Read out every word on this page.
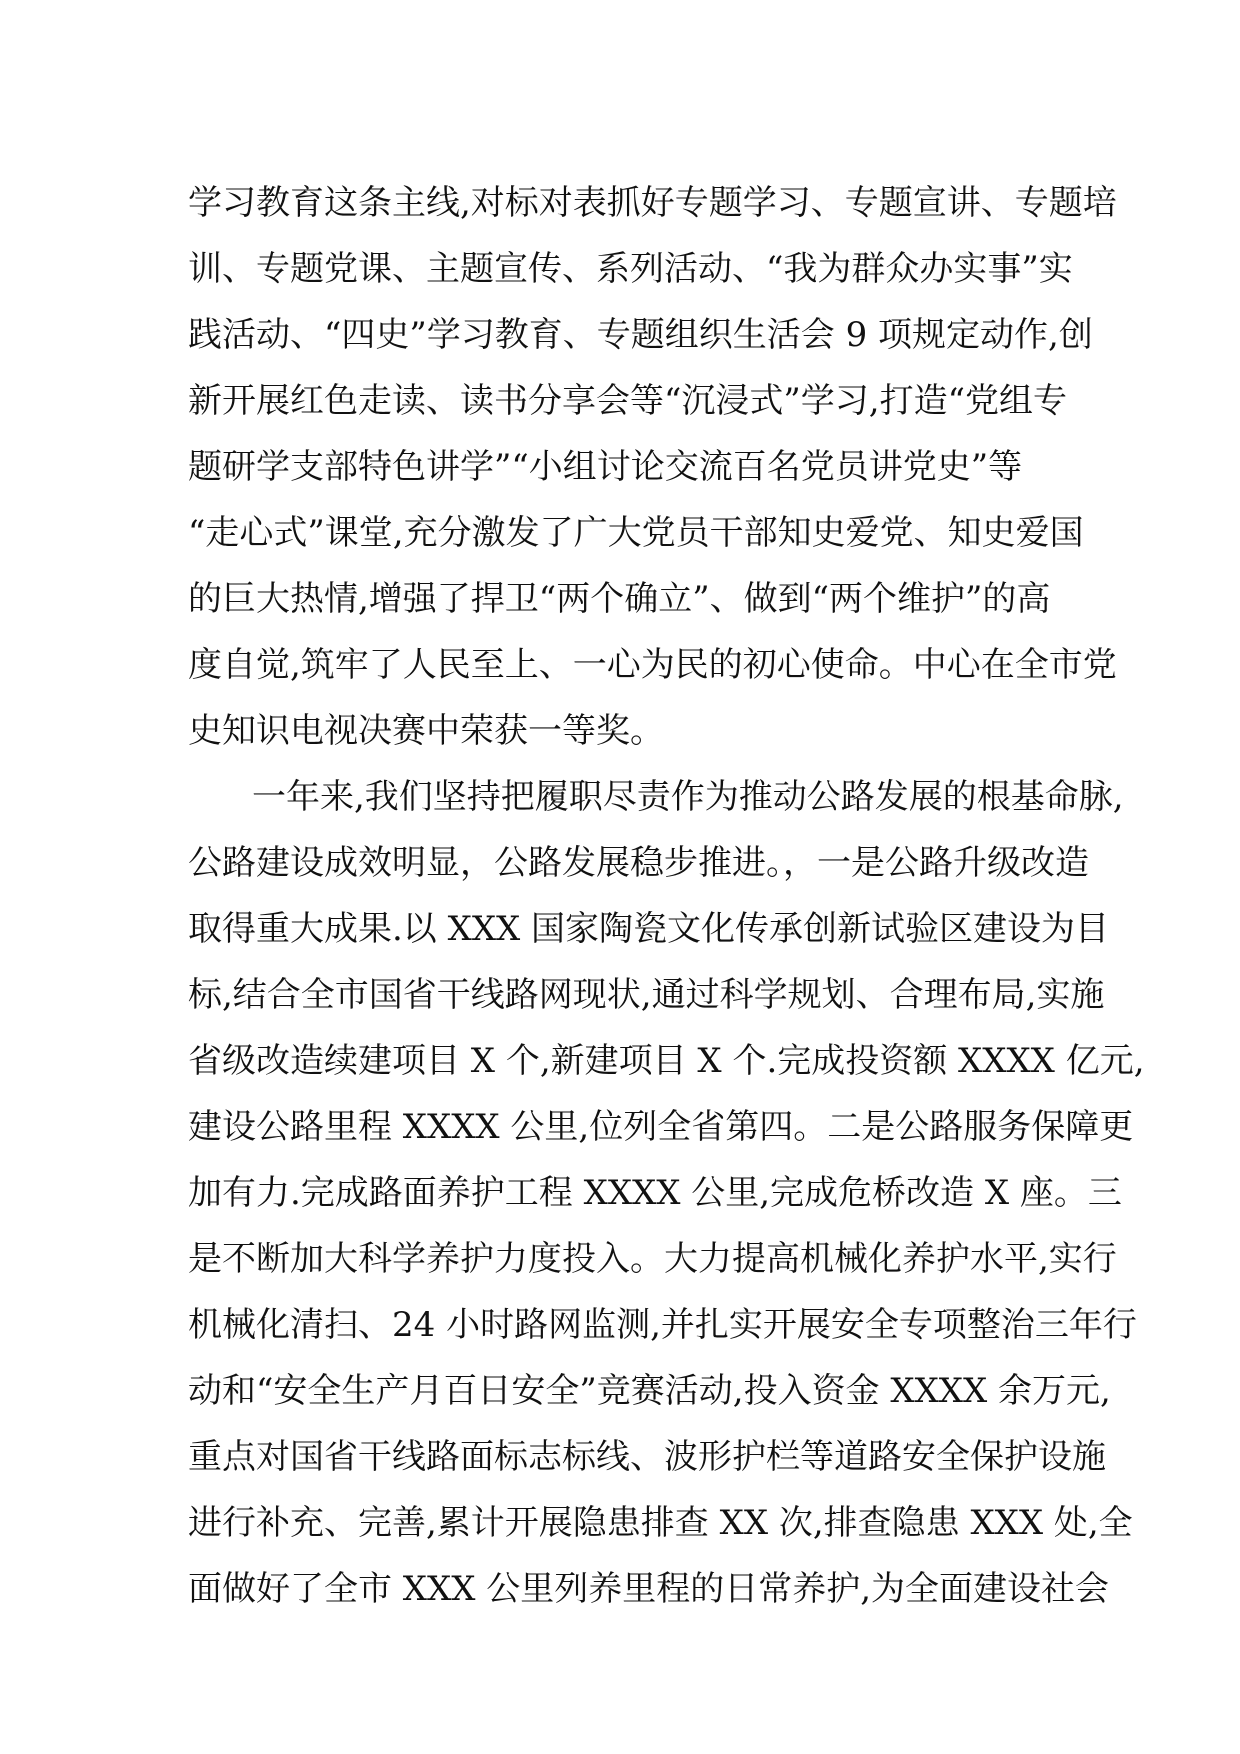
学习教育这条主线,对标对表抓好专题学习、专题宣讲、专题培
训、专题党课、主题宣传、系列活动、“我为群众办实事”实
践活动、“四史”学习教育、专题组织生活会 9 项规定动作,创
新开展红色走读、读书分享会等“沉浸式”学习,打造“党组专
题研学支部特色讲学”“小组讨论交流百名党员讲党史”等
“走心式”课堂,充分激发了广大党员干部知史爱党、知史爱国
的巨大热情,增强了捍卫“两个确立”、做到“两个维护”的高
度自觉,筑牢了人民至上、一心为民的初心使命。中心在全市党
史知识电视决赛中荣获一等奖。
一年来,我们坚持把履职尽责作为推动公路发展的根基命脉,
公路建设成效明显，公路发展稳步推进。，一是公路升级改造
取得重大成果.以 XXX 国家陶瓷文化传承创新试验区建设为目
标,结合全市国省干线路网现状,通过科学规划、合理布局,实施
省级改造续建项目 X 个,新建项目 X 个.完成投资额 XXXX 亿元,
建设公路里程 XXXX 公里,位列全省第四。二是公路服务保障更
加有力.完成路面养护工程 XXXX 公里,完成危桥改造 X 座。三
是不断加大科学养护力度投入。大力提高机械化养护水平,实行
机械化清扫、24 小时路网监测,并扎实开展安全专项整治三年行
动和“安全生产月百日安全”竞赛活动,投入资金 XXXX 余万元,
重点对国省干线路面标志标线、波形护栏等道路安全保护设施
进行补充、完善,累计开展隐患排查 XX 次,排查隐患 XXX 处,全
面做好了全市 XXX 公里列养里程的日常养护,为全面建设社会
